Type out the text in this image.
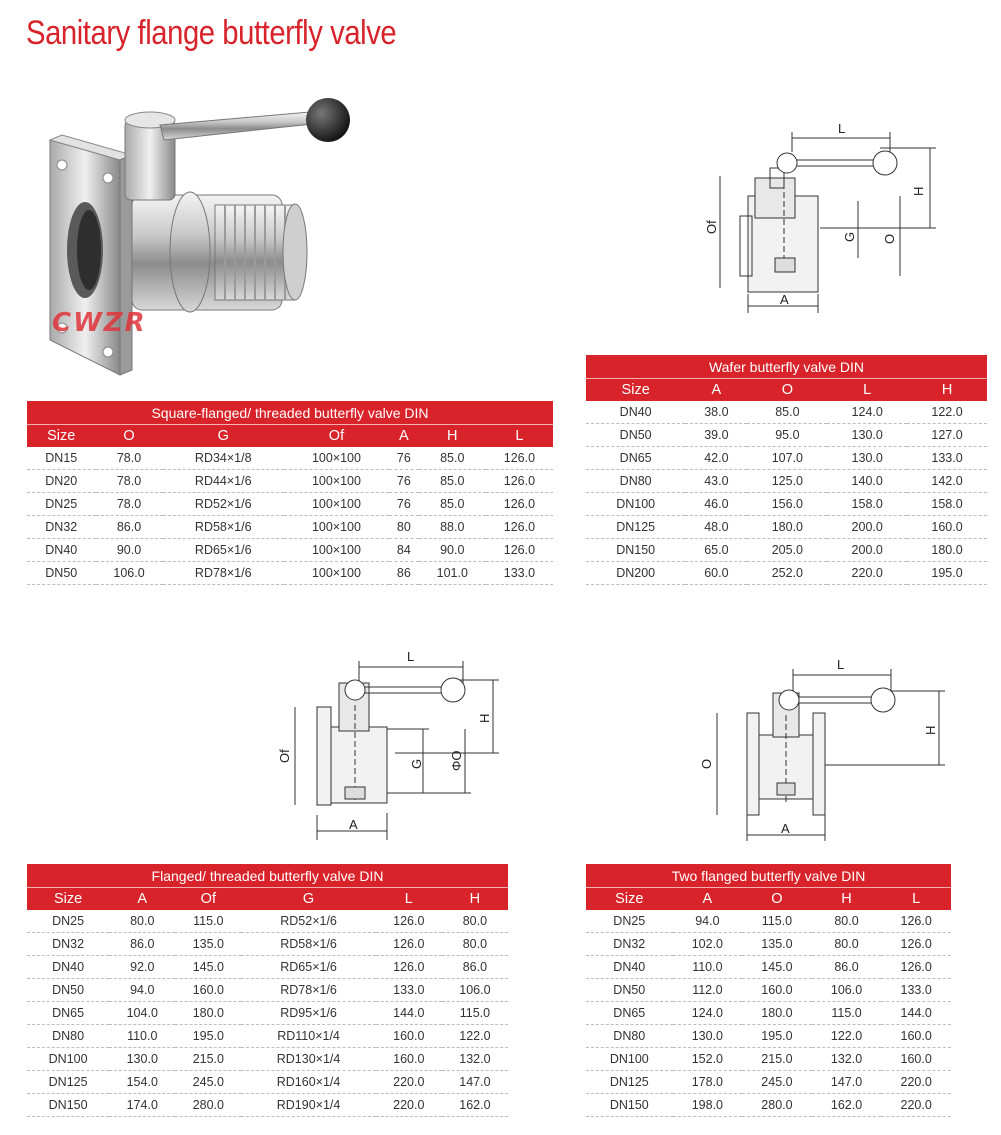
Sanitary flange butterfly valve
CWZR
L
H
G O
Of
A
L
H
G ΦO
Of
A
L
H
O
A
Square-flanged/ threaded butterfly valve DIN						
Size	O	G	Of	A	H	L
DN15	78.0	RD34×1/8	100×100	76	85.0	126.0
DN20	78.0	RD44×1/6	100×100	76	85.0	126.0
DN25	78.0	RD52×1/6	100×100	76	85.0	126.0
DN32	86.0	RD58×1/6	100×100	80	88.0	126.0
DN40	90.0	RD65×1/6	100×100	84	90.0	126.0
DN50	106.0	RD78×1/6	100×100	86	101.0	133.0
Wafer butterfly valve DIN				
Size	A	O	L	H
DN40	38.0	85.0	124.0	122.0
DN50	39.0	95.0	130.0	127.0
DN65	42.0	107.0	130.0	133.0
DN80	43.0	125.0	140.0	142.0
DN100	46.0	156.0	158.0	158.0
DN125	48.0	180.0	200.0	160.0
DN150	65.0	205.0	200.0	180.0
DN200	60.0	252.0	220.0	195.0
Flanged/ threaded butterfly valve DIN					
Size	A	Of	G	L	H
DN25	80.0	115.0	RD52×1/6	126.0	80.0
DN32	86.0	135.0	RD58×1/6	126.0	80.0
DN40	92.0	145.0	RD65×1/6	126.0	86.0
DN50	94.0	160.0	RD78×1/6	133.0	106.0
DN65	104.0	180.0	RD95×1/6	144.0	115.0
DN80	110.0	195.0	RD110×1/4	160.0	122.0
DN100	130.0	215.0	RD130×1/4	160.0	132.0
DN125	154.0	245.0	RD160×1/4	220.0	147.0
DN150	174.0	280.0	RD190×1/4	220.0	162.0
Two flanged butterfly valve DIN				
Size	A	O	H	L
DN25	94.0	115.0	80.0	126.0
DN32	102.0	135.0	80.0	126.0
DN40	110.0	145.0	86.0	126.0
DN50	112.0	160.0	106.0	133.0
DN65	124.0	180.0	115.0	144.0
DN80	130.0	195.0	122.0	160.0
DN100	152.0	215.0	132.0	160.0
DN125	178.0	245.0	147.0	220.0
DN150	198.0	280.0	162.0	220.0
